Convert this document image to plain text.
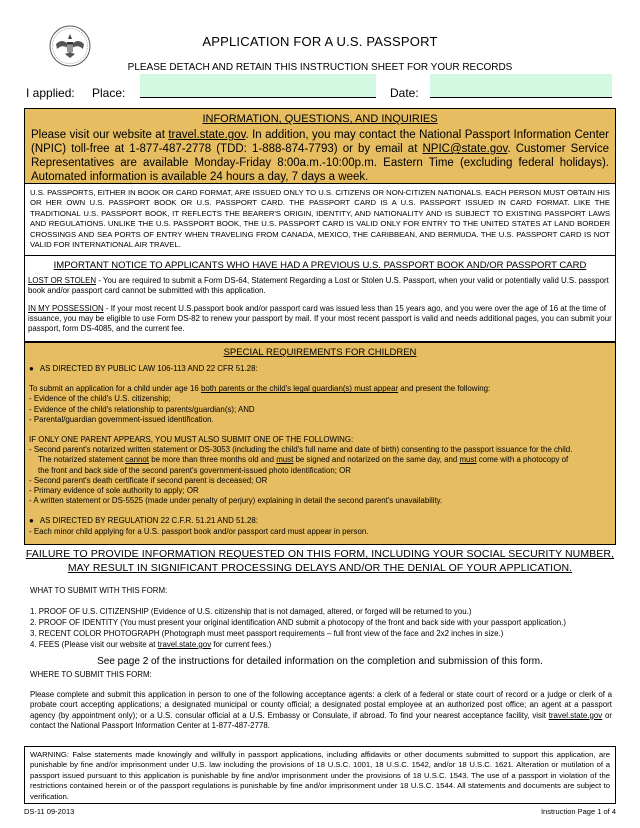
APPLICATION FOR A U.S. PASSPORT
PLEASE DETACH AND RETAIN THIS INSTRUCTION SHEET FOR YOUR RECORDS
I applied: Place:	Date:
INFORMATION, QUESTIONS, AND INQUIRIES
Please visit our website at travel.state.gov. In addition, you may contact the National Passport Information Center (NPIC) toll-free at 1-877-487-2778 (TDD: 1-888-874-7793) or by email at NPIC@state.gov. Customer Service Representatives are available Monday-Friday 8:00a.m.-10:00p.m. Eastern Time (excluding federal holidays). Automated information is available 24 hours a day, 7 days a week.
U.S. PASSPORTS, EITHER IN BOOK OR CARD FORMAT, ARE ISSUED ONLY TO U.S. CITIZENS OR NON-CITIZEN NATIONALS. EACH PERSON MUST OBTAIN HIS OR HER OWN U.S. PASSPORT BOOK OR U.S. PASSPORT CARD. THE PASSPORT CARD IS A U.S. PASSPORT ISSUED IN CARD FORMAT. LIKE THE TRADITIONAL U.S. PASSPORT BOOK, IT REFLECTS THE BEARER'S ORIGIN, IDENTITY, AND NATIONALITY AND IS SUBJECT TO EXISTING PASSPORT LAWS AND REGULATIONS. UNLIKE THE U.S. PASSPORT BOOK, THE U.S. PASSPORT CARD IS VALID ONLY FOR ENTRY TO THE UNITED STATES AT LAND BORDER CROSSINGS AND SEA PORTS OF ENTRY WHEN TRAVELING FROM CANADA, MEXICO, THE CARIBBEAN, AND BERMUDA. THE U.S. PASSPORT CARD IS NOT VALID FOR INTERNATIONAL AIR TRAVEL.
IMPORTANT NOTICE TO APPLICANTS WHO HAVE HAD A PREVIOUS U.S. PASSPORT BOOK AND/OR PASSPORT CARD

LOST OR STOLEN - You are required to submit a Form DS-64, Statement Regarding a Lost or Stolen U.S. Passport, when your valid or potentially valid U.S. passport book and/or passport card cannot be submitted with this application.

IN MY POSSESSION - If your most recent U.S.passport book and/or passport card was issued less than 15 years ago, and you were over the age of 16 at the time of issuance, you may be eligible to use Form DS-82 to renew your passport by mail. If your most recent passport is valid and needs additional pages, you can submit your passport, form DS-4085, and the current fee.

SPECIAL REQUIREMENTS FOR CHILDREN
● AS DIRECTED BY PUBLIC LAW 106-113 AND 22 CFR 51.28:
To submit an application for a child under age 16 both parents or the child's legal guardian(s) must appear and present the following:
- Evidence of the child's U.S. citizenship;
- Evidence of the child's relationship to parents/guardian(s); AND
- Parental/guardian government-issued identification.
IF ONLY ONE PARENT APPEARS, YOU MUST ALSO SUBMIT ONE OF THE FOLLOWING:
- Second parent's notarized written statement or DS-3053 (including the child's full name and date of birth) consenting to the passport issuance for the child.
The notarized statement cannot be more than three months old and must be signed and notarized on the same day, and must come with a photocopy of
the front and back side of the second parent's government-issued photo identification; OR
- Second parent's death certificate if second parent is deceased; OR
- Primary evidence of sole authority to apply; OR
- A written statement or DS-5525 (made under penalty of perjury) explaining in detail the second parent's unavailability.
● AS DIRECTED BY REGULATION 22 C.F.R. 51.21 AND 51.28:
- Each minor child applying for a U.S. passport book and/or passport card must appear in person.
FAILURE TO PROVIDE INFORMATION REQUESTED ON THIS FORM, INCLUDING YOUR SOCIAL SECURITY NUMBER,
MAY RESULT IN SIGNIFICANT PROCESSING DELAYS AND/OR THE DENIAL OF YOUR APPLICATION.
WHAT TO SUBMIT WITH THIS FORM:
1. PROOF OF U.S. CITIZENSHIP (Evidence of U.S. citizenship that is not damaged, altered, or forged will be returned to you.)
2. PROOF OF IDENTITY (You must present your original identification AND submit a photocopy of the front and back side with your passport application.)
3. RECENT COLOR PHOTOGRAPH (Photograph must meet passport requirements – full front view of the face and 2x2 inches in size.)
4. FEES (Please visit our website at travel.state.gov for current fees.)
See page 2 of the instructions for detailed information on the completion and submission of this form.
WHERE TO SUBMIT THIS FORM:
Please complete and submit this application in person to one of the following acceptance agents: a clerk of a federal or state court of record or a judge or clerk of a probate court accepting applications; a designated municipal or county official; a designated postal employee at an authorized post office; an agent at a passport agency (by appointment only); or a U.S. consular official at a U.S. Embassy or Consulate, if abroad. To find your nearest acceptance facility, visit travel.state.gov or contact the National Passport Information Center at 1-877-487-2778.
WARNING: False statements made knowingly and willfully in passport applications, including affidavits or other documents submitted to support this application, are punishable by fine and/or imprisonment under U.S. law including the provisions of 18 U.S.C. 1001, 18 U.S.C. 1542, and/or 18 U.S.C. 1621. Alteration or mutilation of a passport issued pursuant to this application is punishable by fine and/or imprisonment under the provisions of 18 U.S.C. 1543. The use of a passport in violation of the restrictions contained herein or of the passport regulations is punishable by fine and/or imprisonment under 18 U.S.C. 1544. All statements and documents are subject to verification.
DS-11 09-2013	Instruction Page 1 of 4
